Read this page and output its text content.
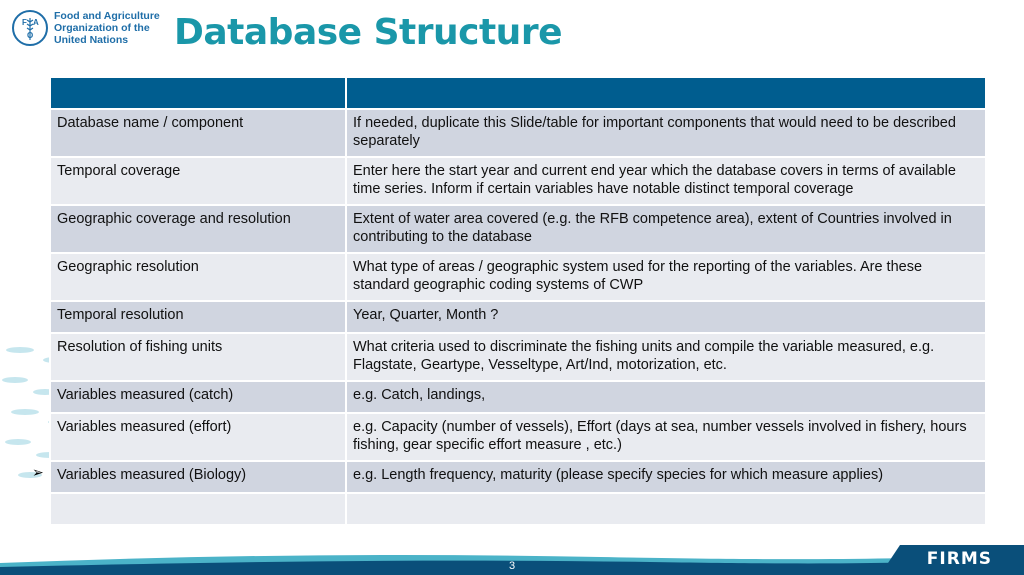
F A
O
Food and Agriculture
Organization of the
United Nations	Database Structure
➢

Database name / component	If needed, duplicate this Slide/table for important components that would need to be described separately
Temporal coverage	Enter here the start year and current end year which the database covers in terms of available time series. Inform if certain variables have notable distinct temporal coverage
Geographic coverage and resolution	Extent of water area covered (e.g. the RFB competence area), extent of Countries involved in contributing to the database
Geographic resolution	What type of areas / geographic system used for the reporting of the variables. Are these standard geographic coding systems of CWP
Temporal resolution	Year, Quarter, Month ?
Resolution of fishing units	What criteria used to discriminate the fishing units and compile the variable measured, e.g. Flagstate, Geartype, Vesseltype, Art/Ind, motorization, etc.
Variables measured (catch)	e.g. Catch, landings,
Variables measured (effort)	e.g. Capacity (number of vessels), Effort (days at sea, number vessels involved in fishery, hours fishing, gear specific effort measure , etc.)
Variables measured (Biology)	e.g. Length frequency, maturity (please specify species for which measure applies)

3	FIRMS
